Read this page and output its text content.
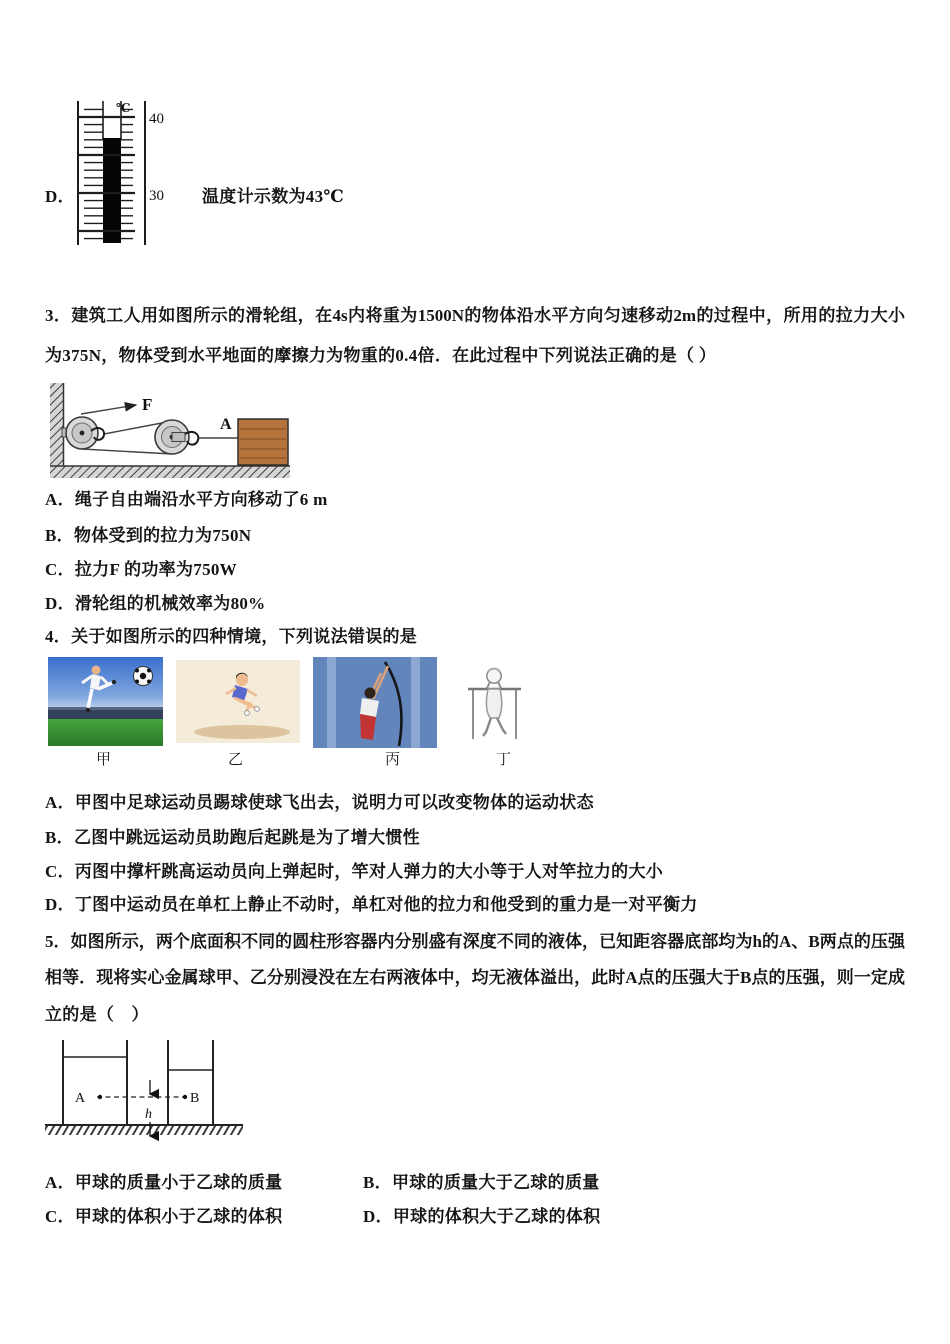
℃
40
30
D．	温度计示数为43℃
3．建筑工人用如图所示的滑轮组，在4s内将重为1500N的物体沿水平方向匀速移动2m的过程中，所用的拉力大小
为375N，物体受到水平地面的摩擦力为物重的0.4倍．在此过程中下列说法正确的是（ ）
F
A
A．绳子自由端沿水平方向移动了6 m
B．物体受到的拉力为750N
C．拉力F 的功率为750W
D．滑轮组的机械效率为80%
4．关于如图所示的四种情境，下列说法错误的是
甲	乙	丙	丁
A．甲图中足球运动员踢球使球飞出去，说明力可以改变物体的运动状态
B．乙图中跳远运动员助跑后起跳是为了增大惯性
C．丙图中撑杆跳高运动员向上弹起时，竿对人弹力的大小等于人对竿拉力的大小
D．丁图中运动员在单杠上静止不动时，单杠对他的拉力和他受到的重力是一对平衡力
5．如图所示，两个底面积不同的圆柱形容器内分别盛有深度不同的液体，已知距容器底部均为h的A、B两点的压强
相等．现将实心金属球甲、乙分别浸没在左右两液体中，均无液体溢出，此时A点的压强大于B点的压强，则一定成
立的是（　）
A	B
h
A．甲球的质量小于乙球的质量	B．甲球的质量大于乙球的质量
C．甲球的体积小于乙球的体积	D．甲球的体积大于乙球的体积
